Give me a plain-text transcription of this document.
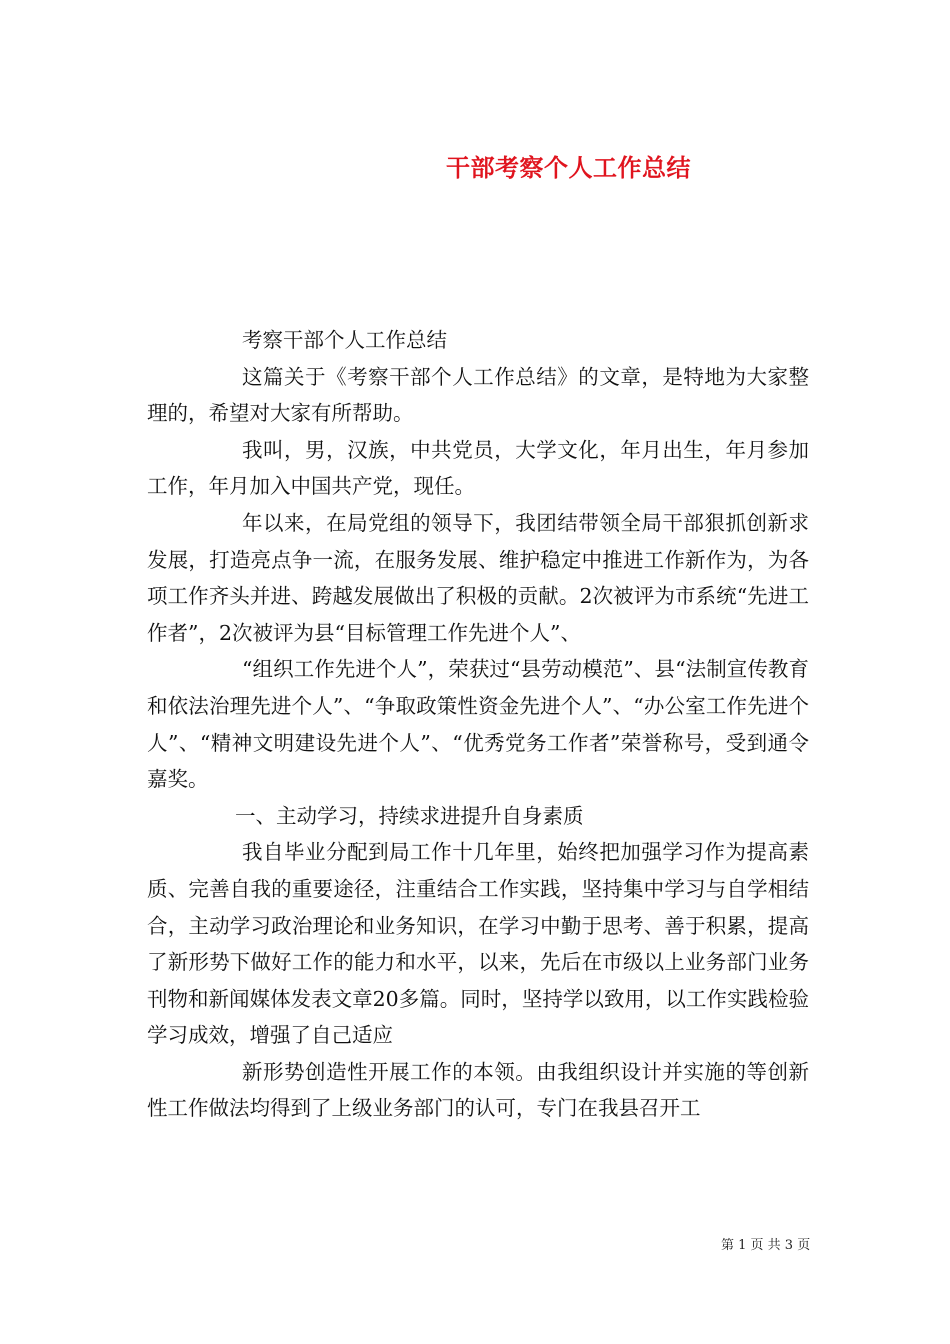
干部考察个人工作总结

考察干部个人工作总结

这篇关于《考察干部个人工作总结》的文章，是特地为大家整理的，希望对大家有所帮助。

我叫，男，汉族，中共党员，大学文化，年月出生，年月参加工作，年月加入中国共产党，现任。

年以来，在局党组的领导下，我团结带领全局干部狠抓创新求发展，打造亮点争一流，在服务发展、维护稳定中推进工作新作为，为各项工作齐头并进、跨越发展做出了积极的贡献。2次被评为市系统“先进工作者”，2次被评为县“目标管理工作先进个人”、

“组织工作先进个人”，荣获过“县劳动模范”、县“法制宣传教育和依法治理先进个人”、“争取政策性资金先进个人”、“办公室工作先进个人”、“精神文明建设先进个人”、“优秀党务工作者”荣誉称号，受到通令嘉奖。

一、主动学习，持续求进提升自身素质

我自毕业分配到局工作十几年里，始终把加强学习作为提高素质、完善自我的重要途径，注重结合工作实践，坚持集中学习与自学相结合，主动学习政治理论和业务知识，在学习中勤于思考、善于积累，提高了新形势下做好工作的能力和水平，以来，先后在市级以上业务部门业务刊物和新闻媒体发表文章20多篇。同时，坚持学以致用，以工作实践检验学习成效，增强了自己适应

新形势创造性开展工作的本领。由我组织设计并实施的等创新性工作做法均得到了上级业务部门的认可，专门在我县召开工

第 1 页 共 3 页
